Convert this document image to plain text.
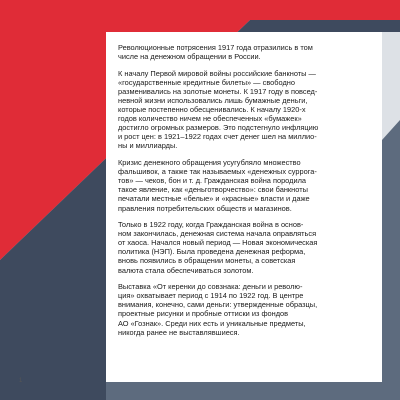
Революционные потрясения 1917 года отразились в том
числе на денежном обращении в России.

К началу Первой мировой войны российские банкноты —
«государственные кредитные билеты» — свободно
разменивались на золотые монеты. К 1917 году в повсед-
невной жизни использовались лишь бумажные деньги,
которые постепенно обесценивались. К началу 1920-х
годов количество ничем не обеспеченных «бумажек»
достигло огромных размеров. Это подстегнуло инфляцию
и рост цен: в 1921–1922 годах счет денег шел на миллио-
ны и миллиарды.

Кризис денежного обращения усугубляло множество
фальшивок, а также так называемых «денежных суррога-
тов» — чеков, бон и т. д. Гражданская война породила
такое явление, как «деньготворчество»: свои банкноты
печатали местные «белые» и «красные» власти и даже
правления потребительских обществ и магазинов.

Только в 1922 году, когда Гражданская война в основ-
ном закончилась, денежная система начала оправляться
от хаоса. Начался новый период — Новая экономическая
политика (НЭП). Была проведена денежная реформа,
вновь появились в обращении монеты, а советская
валюта стала обеспечиваться золотом.

Выставка «От керенки до совзнака: деньги и револю-
ция» охватывает период с 1914 по 1922 год. В центре
внимания, конечно, сами деньги: утвержденные образцы,
проектные рисунки и пробные оттиски из фондов
АО «Гознак». Среди них есть и уникальные предметы,
никогда ранее не выставлявшиеся.

1
